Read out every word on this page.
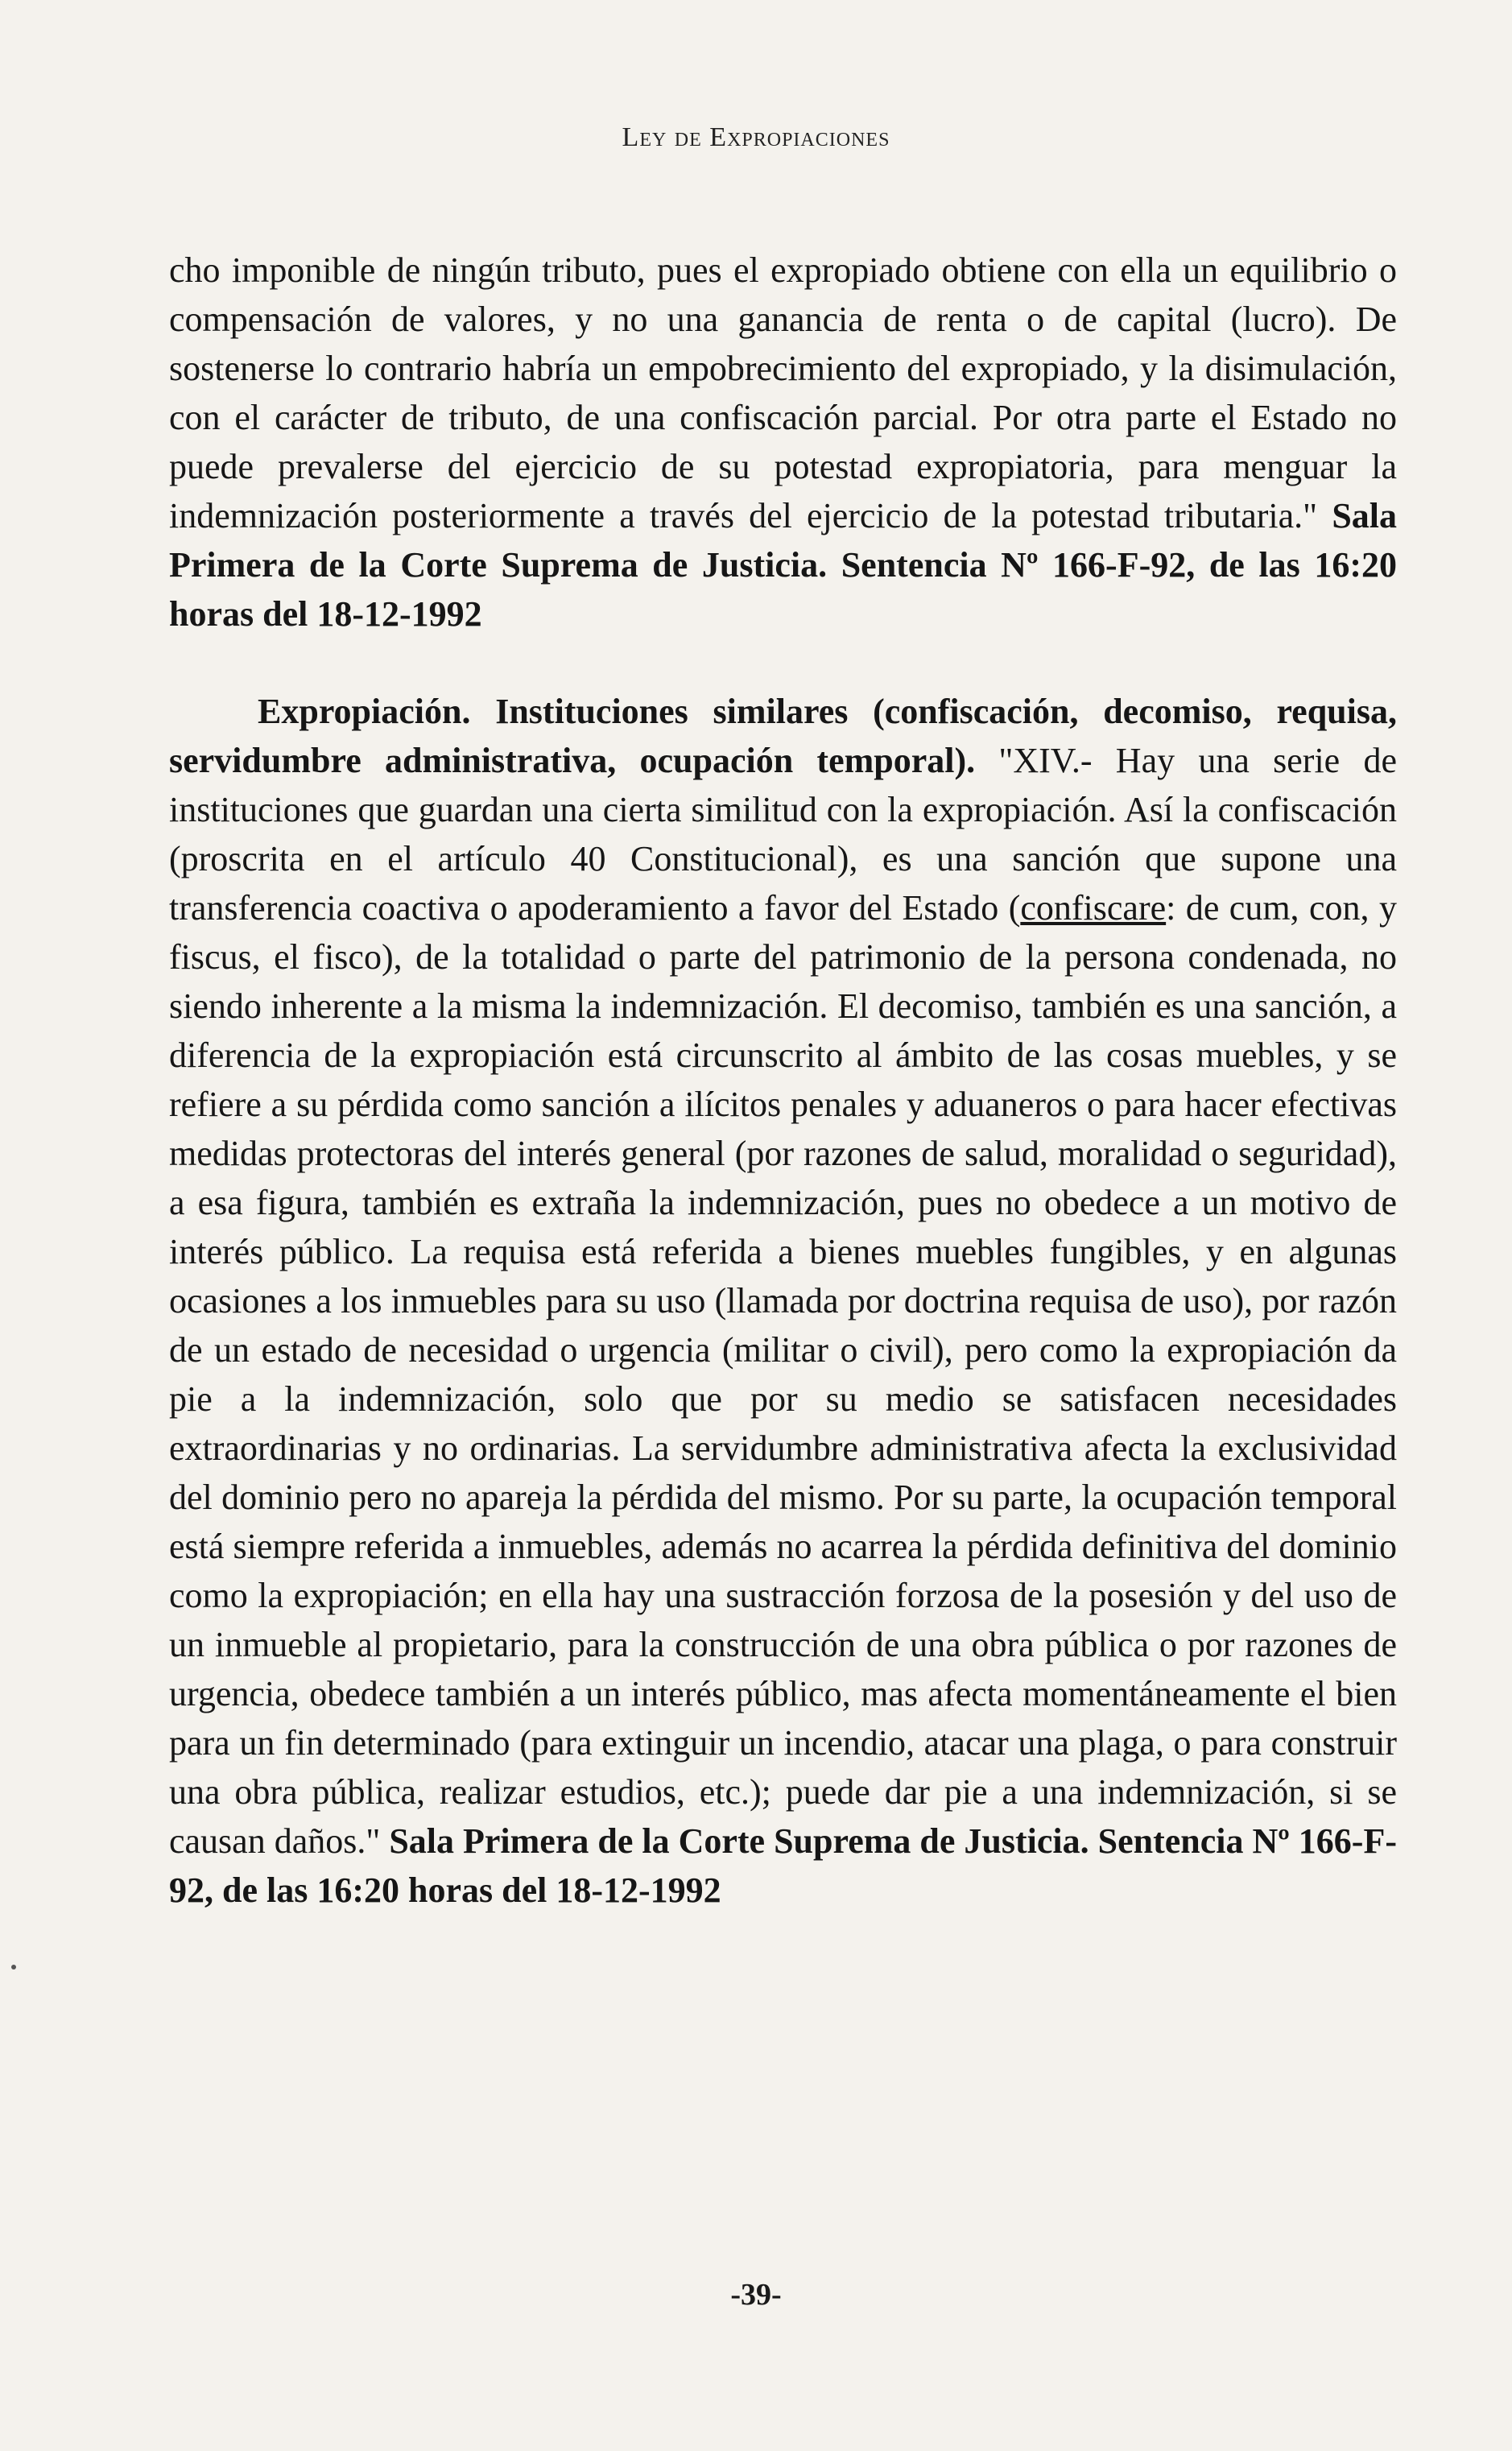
Ley de Expropiaciones

cho imponible de ningún tributo, pues el expropiado obtiene con ella un equilibrio o compensación de valores, y no una ganancia de renta o de capital (lucro). De sostenerse lo contrario habría un empobrecimiento del expropiado, y la disimulación, con el carácter de tributo, de una confiscación parcial. Por otra parte el Estado no puede prevalerse del ejercicio de su potestad expropiatoria, para menguar la indemnización posteriormente a través del ejercicio de la potestad tributaria." Sala Primera de la Corte Suprema de Justicia. Sentencia Nº 166-F-92, de las 16:20 horas del 18-12-1992

Expropiación. Instituciones similares (confiscación, decomiso, requisa, servidumbre administrativa, ocupación temporal). "XIV.- Hay una serie de instituciones que guardan una cierta similitud con la expropiación. Así la confiscación (proscrita en el artículo 40 Constitucional), es una sanción que supone una transferencia coactiva o apoderamiento a favor del Estado (confiscare: de cum, con, y fiscus, el fisco), de la totalidad o parte del patrimonio de la persona condenada, no siendo inherente a la misma la indemnización. El decomiso, también es una sanción, a diferencia de la expropiación está circunscrito al ámbito de las cosas muebles, y se refiere a su pérdida como sanción a ilícitos penales y aduaneros o para hacer efectivas medidas protectoras del interés general (por razones de salud, moralidad o seguridad), a esa figura, también es extraña la indemnización, pues no obedece a un motivo de interés público. La requisa está referida a bienes muebles fungibles, y en algunas ocasiones a los inmuebles para su uso (llamada por doctrina requisa de uso), por razón de un estado de necesidad o urgencia (militar o civil), pero como la expropiación da pie a la indemnización, solo que por su medio se satisfacen necesidades extraordinarias y no ordinarias. La servidumbre administrativa afecta la exclusividad del dominio pero no apareja la pérdida del mismo. Por su parte, la ocupación temporal está siempre referida a inmuebles, además no acarrea la pérdida definitiva del dominio como la expropiación; en ella hay una sustracción forzosa de la posesión y del uso de un inmueble al propietario, para la construcción de una obra pública o por razones de urgencia, obedece también a un interés público, mas afecta momentáneamente el bien para un fin determinado (para extinguir un incendio, atacar una plaga, o para construir una obra pública, realizar estudios, etc.); puede dar pie a una indemnización, si se causan daños." Sala Primera de la Corte Suprema de Justicia. Sentencia Nº 166-F-92, de las 16:20 horas del 18-12-1992

-39-
